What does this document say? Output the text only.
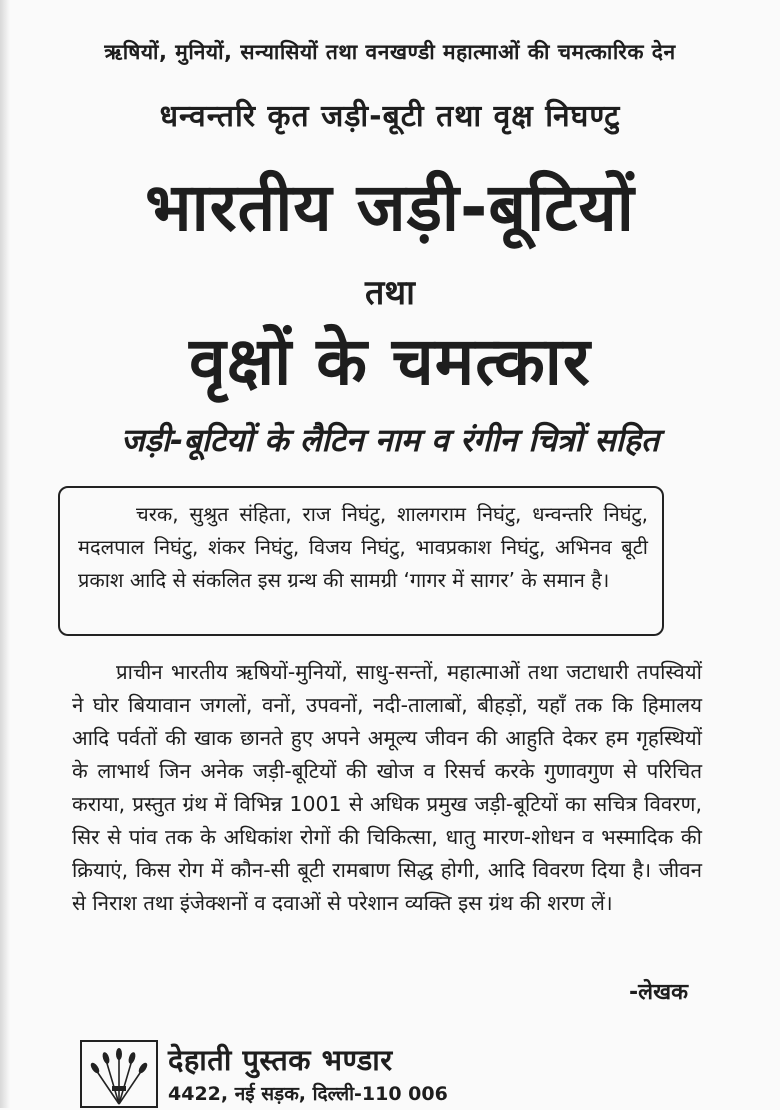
ऋषियों, मुनियों, सन्यासियों तथा वनखण्डी महात्माओं की चमत्कारिक देन
धन्वन्तरि कृत जड़ी-बूटी तथा वृक्ष निघण्टु
भारतीय जड़ी-बूटियों
तथा
वृक्षों के चमत्कार
जड़ी-बूटियों के लैटिन नाम व रंगीन चित्रों सहित

चरक, सुश्रुत संहिता, राज निघंटु, शालगराम निघंटु, धन्वन्तरि निघंटु, मदलपाल निघंटु, शंकर निघंटु, विजय निघंटु, भावप्रकाश निघंटु, अभिनव बूटी प्रकाश आदि से संकलित इस ग्रन्थ की सामग्री ‘गागर में सागर’ के समान है।

प्राचीन भारतीय ऋषियों-मुनियों, साधु-सन्तों, महात्माओं तथा जटाधारी तपस्वियों ने घोर बियावान जगलों, वनों, उपवनों, नदी-तालाबों, बीहड़ों, यहाँ तक कि हिमालय आदि पर्वतों की खाक छानते हुए अपने अमूल्य जीवन की आहुति देकर हम गृहस्थियों के लाभार्थ जिन अनेक जड़ी-बूटियों की खोज व रिसर्च करके गुणावगुण से परिचित कराया, प्रस्तुत ग्रंथ में विभिन्न 1001 से अधिक प्रमुख जड़ी-बूटियों का सचित्र विवरण, सिर से पांव तक के अधिकांश रोगों की चिकित्सा, धातु मारण-शोधन व भस्मादिक की क्रियाएं, किस रोग में कौन-सी बूटी रामबाण सिद्ध होगी, आदि विवरण दिया है। जीवन से निराश तथा इंजेक्शनों व दवाओं से परेशान व्यक्ति इस ग्रंथ की शरण लें।

-लेखक
देहाती पुस्तक भण्डार
4422, नई सड़क, दिल्ली-110 006
